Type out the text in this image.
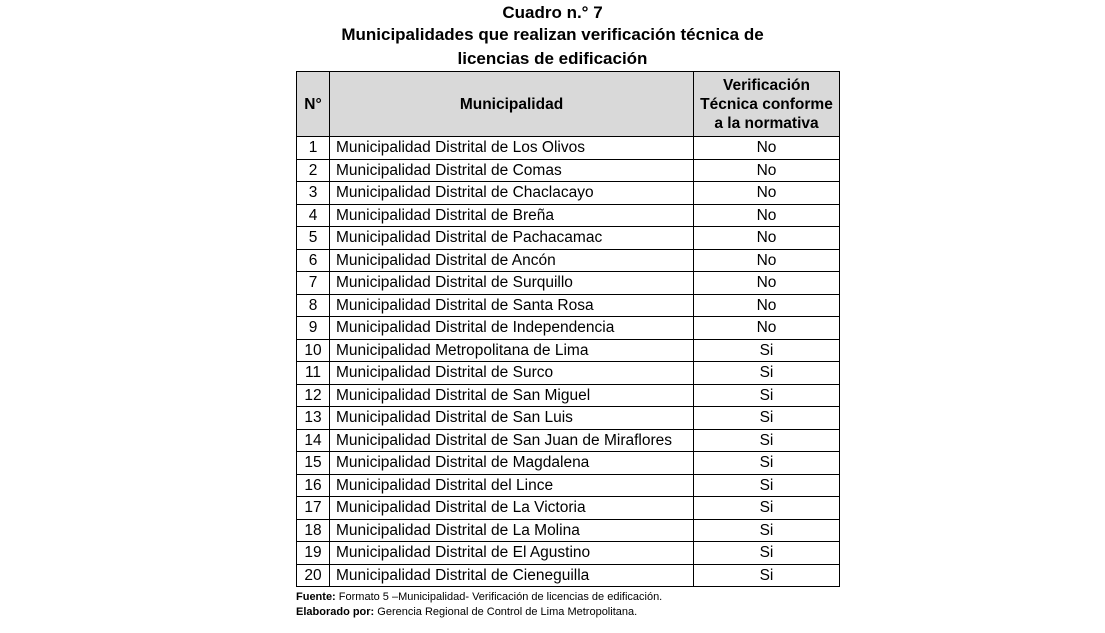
Cuadro n.° 7
Municipalidades que realizan verificación técnica de
licencias de edificación
N°	Municipalidad	Verificación Técnica conforme a la normativa
1	Municipalidad Distrital de Los Olivos	No
2	Municipalidad Distrital de Comas	No
3	Municipalidad Distrital de Chaclacayo	No
4	Municipalidad Distrital de Breña	No
5	Municipalidad Distrital de Pachacamac	No
6	Municipalidad Distrital de Ancón	No
7	Municipalidad Distrital de Surquillo	No
8	Municipalidad Distrital de Santa Rosa	No
9	Municipalidad Distrital de Independencia	No
10	Municipalidad Metropolitana de Lima	Si
11	Municipalidad Distrital de Surco	Si
12	Municipalidad Distrital de San Miguel	Si
13	Municipalidad Distrital de San Luis	Si
14	Municipalidad Distrital de San Juan de Miraflores	Si
15	Municipalidad Distrital de Magdalena	Si
16	Municipalidad Distrital del Lince	Si
17	Municipalidad Distrital de La Victoria	Si
18	Municipalidad Distrital de La Molina	Si
19	Municipalidad Distrital de El Agustino	Si
20	Municipalidad Distrital de Cieneguilla	Si
Fuente: Formato 5 –Municipalidad- Verificación de licencias de edificación.
Elaborado por: Gerencia Regional de Control de Lima Metropolitana.
